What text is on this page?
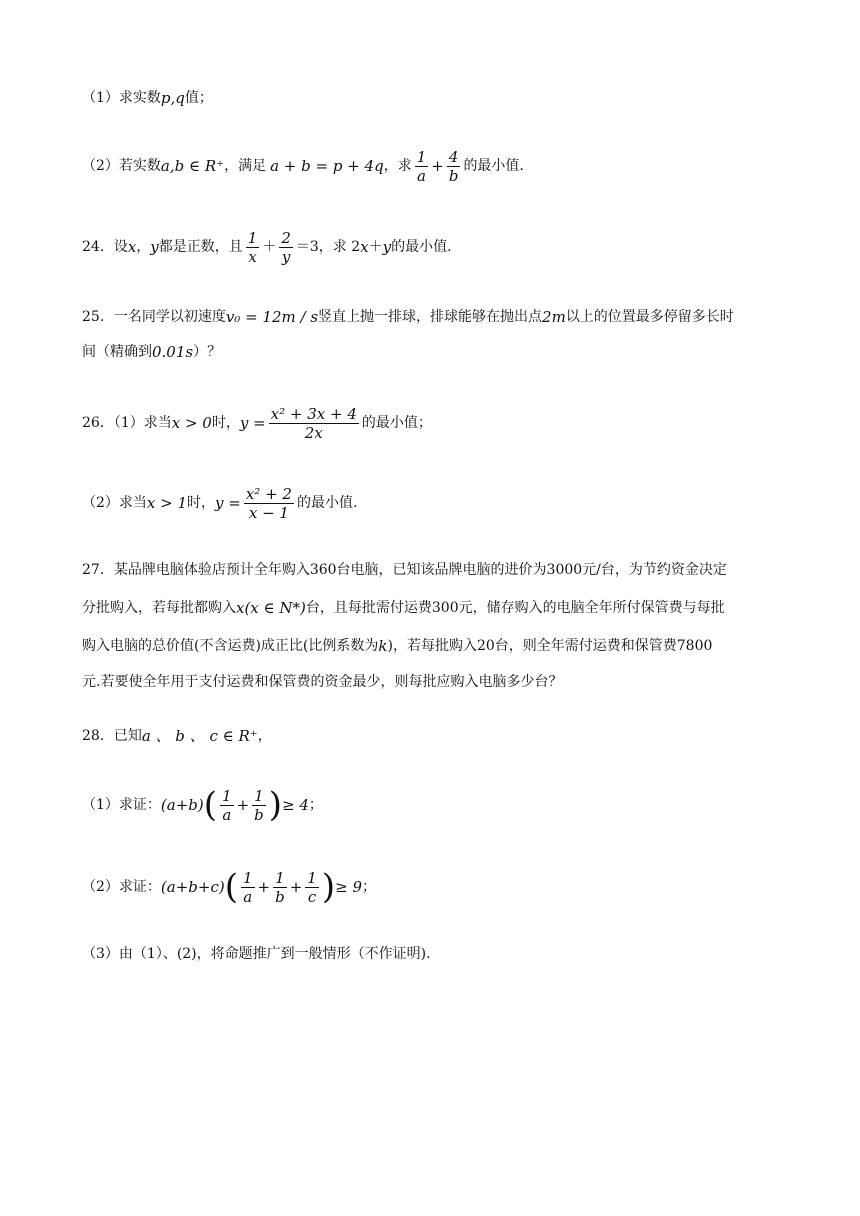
（1）求实数 p,q 值；
（2）若实数 a,b ∈ R⁺ ，满足 a + b = p + 4q ，求 $\frac{1}{a} + \frac{4}{b}$ 的最小值.
24．设 x ， y 都是正数，且 $\frac{1}{x} + \frac{2}{y} =3$，求 2 x ＋ y 的最小值.
25．一名同学以初速度 v₀ = 12m / s 竖直上抛一排球，排球能够在抛出点 2m 以上的位置最多停留多长时
间（精确到 0.01s ）？
26．（1）求当 x > 0 时， $y = \frac{\text{x² + 3x + 4}}{2x}$ 的最小值；
（2）求当 x > 1 时， $y = \frac{\text{x² + 2}}{x - 1}$ 的最小值.
27．某品牌电脑体验店预计全年购入360台电脑，已知该品牌电脑的进价为3000元/台，为节约资金决定
分批购入，若每批都购入 x(x ∈ N*) 台，且每批需付运费300元，储存购入的电脑全年所付保管费与每批
购入电脑的总价值(不含运费)成正比(比例系数为 k )，若每批购入20台，则全年需付运费和保管费7800
元.若要使全年用于支付运费和保管费的资金最少，则每批应购入电脑多少台？
28．已知 a 、 b 、 c ∈ R⁺ ，
（1）求证： (a+b) ( $\frac{1}{a} + \frac{1}{b}$ ) ≥ 4 ；
（2）求证： (a+b+c) ( $\frac{1}{a} + \frac{1}{b} + \frac{1}{c}$ ) ≥ 9 ；
（3）由（1）、(2)，将命题推广到一般情形（不作证明).
